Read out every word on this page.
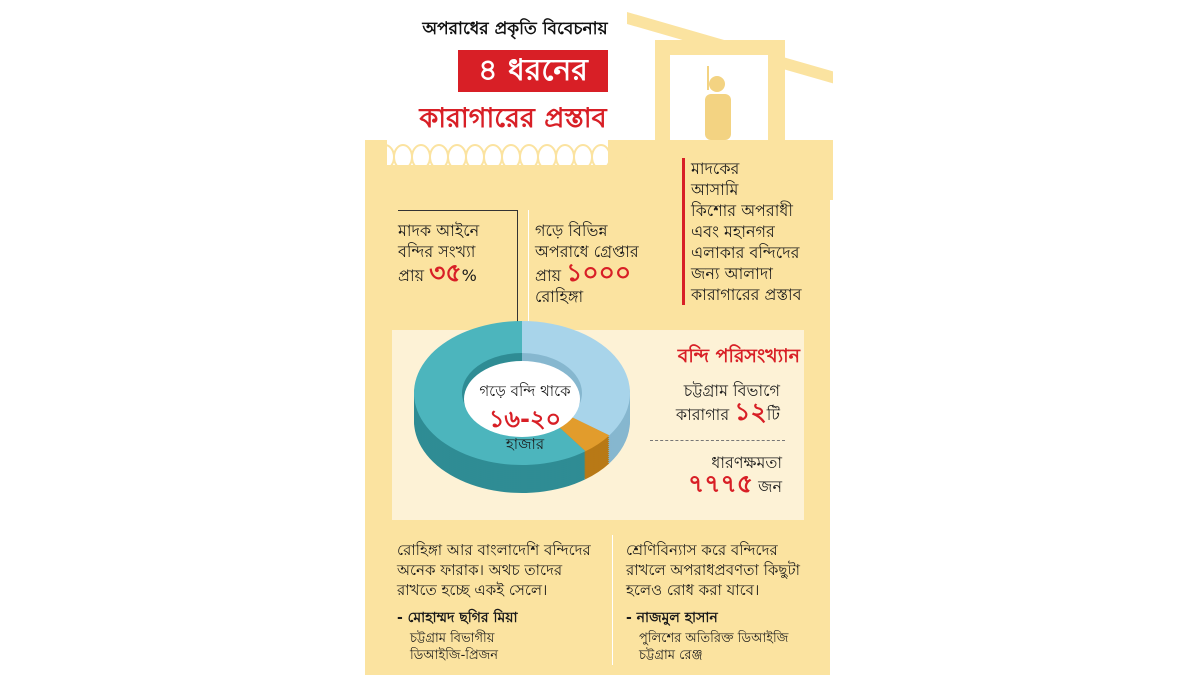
অপরাধের প্রকৃতি বিবেচনায়
৪ ধরনের
কারাগারের প্রস্তাব
মাদকের
আসামি
কিশোর অপরাধী
এবং মহানগর
এলাকার বন্দিদের
জন্য আলাদা
কারাগারের প্রস্তাব
মাদক আইনে
বন্দির সংখ্যা
প্রায় ৩৫%
গড়ে বিভিন্ন
অপরাধে গ্রেপ্তার
প্রায় ১০০০
রোহিঙ্গা
গড়ে বন্দি থাকে
১৬-২০
হাজার
বন্দি পরিসংখ্যান
চট্টগ্রাম বিভাগে
কারাগার ১২টি
ধারণক্ষমতা
৭৭৭৫ জন
রোহিঙ্গা আর বাংলাদেশি বন্দিদের
অনেক ফারাক। অথচ তাদের
রাখতে হচ্ছে একই সেলে।
- মোহাম্মদ ছগির মিয়া
চট্টগ্রাম বিভাগীয়
ডিআইজি-প্রিজন
শ্রেণিবিন্যাস করে বন্দিদের
রাখলে অপরাধপ্রবণতা কিছুটা
হলেও রোধ করা যাবে।
- নাজমুল হাসান
পুলিশের অতিরিক্ত ডিআইজি
চট্টগ্রাম রেঞ্জ
